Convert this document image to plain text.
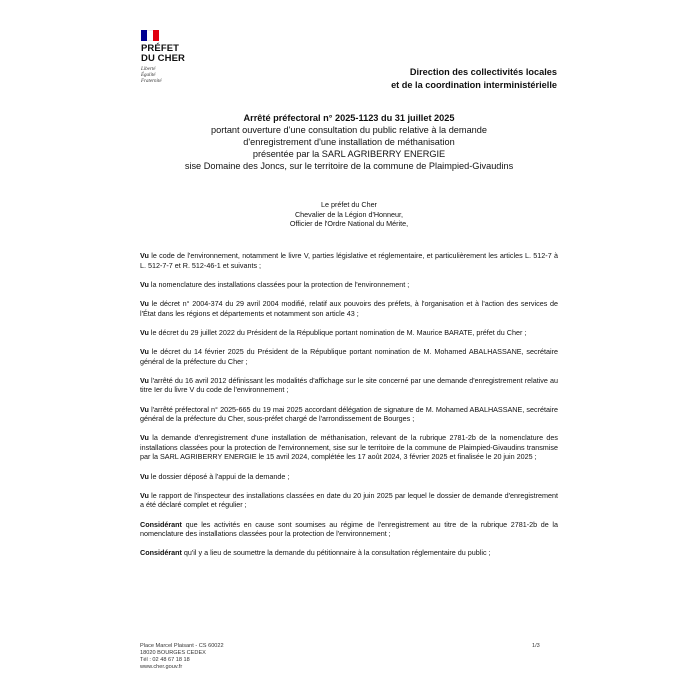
PRÉFET
DU CHER
Liberté
Égalité
Fraternité
Direction des collectivités locales
et de la coordination interministérielle
Arrêté préfectoral n° 2025-1123 du 31 juillet 2025
portant ouverture d'une consultation du public relative à la demande
d'enregistrement d'une installation de méthanisation
présentée par la SARL AGRIBERRY ENERGIE
sise Domaine des Joncs, sur le territoire de la commune de Plaimpied-Givaudins
Le préfet du Cher
Chevalier de la Légion d'Honneur,
Officier de l'Ordre National du Mérite,

Vu le code de l'environnement, notamment le livre V, parties législative et réglementaire, et particulièrement les articles L. 512-7 à L. 512-7-7 et R. 512-46-1 et suivants ;

Vu la nomenclature des installations classées pour la protection de l'environnement ;

Vu le décret n° 2004-374 du 29 avril 2004 modifié, relatif aux pouvoirs des préfets, à l'organisation et à l'action des services de l'État dans les régions et départements et notamment son article 43 ;

Vu le décret du 29 juillet 2022 du Président de la République portant nomination de M. Maurice BARATE, préfet du Cher ;

Vu le décret du 14 février 2025 du Président de la République portant nomination de M. Mohamed ABALHASSANE, secrétaire général de la préfecture du Cher ;

Vu l'arrêté du 16 avril 2012 définissant les modalités d'affichage sur le site concerné par une demande d'enregistrement relative au titre Ier du livre V du code de l'environnement ;

Vu l'arrêté préfectoral n° 2025-665 du 19 mai 2025 accordant délégation de signature de M. Mohamed ABALHASSANE, secrétaire général de la préfecture du Cher, sous-préfet chargé de l'arrondissement de Bourges ;

Vu la demande d'enregistrement d'une installation de méthanisation, relevant de la rubrique 2781-2b de la nomenclature des installations classées pour la protection de l'environnement, sise sur le territoire de la commune de Plaimpied-Givaudins transmise par la SARL AGRIBERRY ENERGIE le 15 avril 2024, complétée les 17 août 2024, 3 février 2025 et finalisée le 20 juin 2025 ;

Vu le dossier déposé à l'appui de la demande ;

Vu le rapport de l'inspecteur des installations classées en date du 20 juin 2025 par lequel le dossier de demande d'enregistrement a été déclaré complet et régulier ;

Considérant que les activités en cause sont soumises au régime de l'enregistrement au titre de la rubrique 2781-2b de la nomenclature des installations classées pour la protection de l'environnement ;

Considérant qu'il y a lieu de soumettre la demande du pétitionnaire à la consultation réglementaire du public ;

Place Marcel Plaisant - CS 60022
18020 BOURGES CEDEX
Tél : 02 48 67 18 18
www.cher.gouv.fr
1/3
